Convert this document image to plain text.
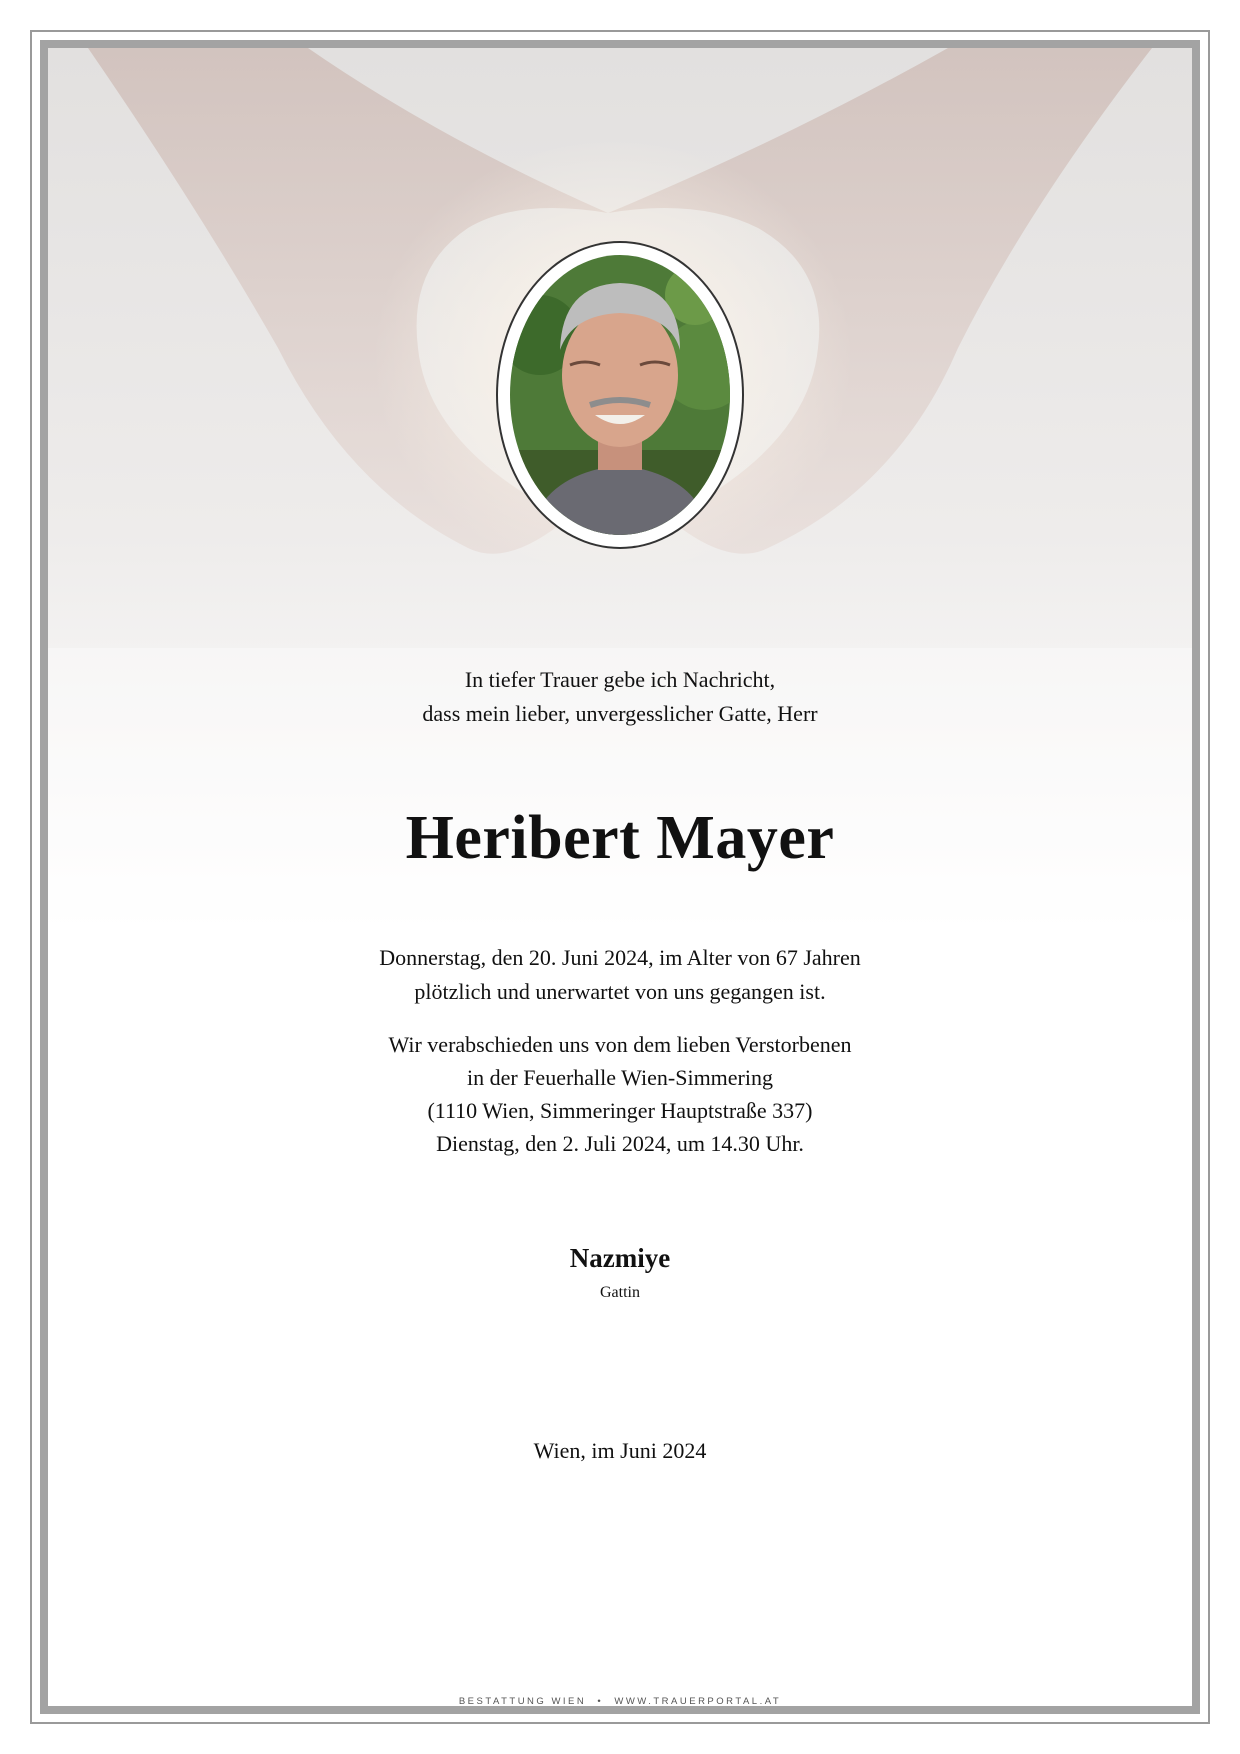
In tiefer Trauer gebe ich Nachricht,
dass mein lieber, unvergesslicher Gatte, Herr
Heribert Mayer
Donnerstag, den 20. Juni 2024, im Alter von 67 Jahren
plötzlich und unerwartet von uns gegangen ist.
Wir verabschieden uns von dem lieben Verstorbenen
in der Feuerhalle Wien-Simmering
(1110 Wien, Simmeringer Hauptstraße 337)
Dienstag, den 2. Juli 2024, um 14.30 Uhr.
Nazmiye
Gattin
Wien, im Juni 2024
BESTATTUNG WIEN • WWW.TRAUERPORTAL.AT
